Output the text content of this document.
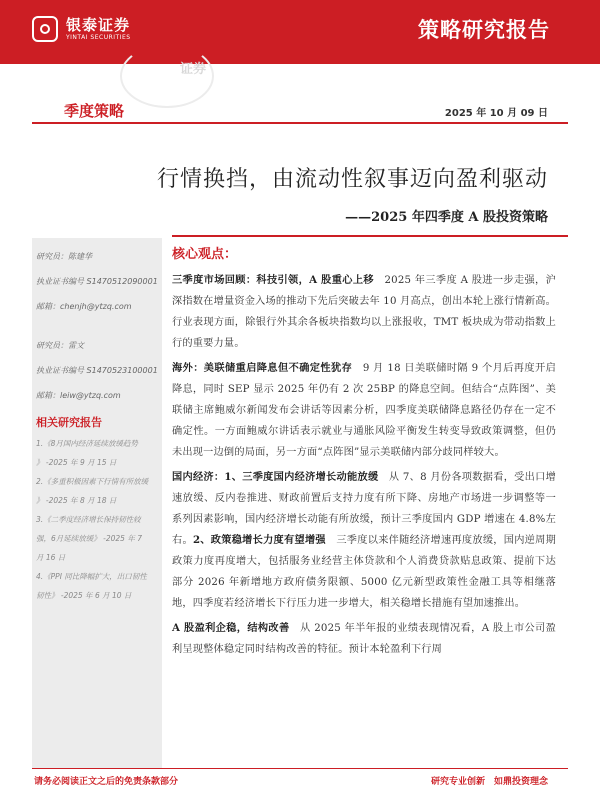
银泰证券
YINTAI SECURITIES	策略研究报告
证券
季度策略	2025 年 10 月 09 日
行情换挡，由流动性叙事迈向盈利驱动
——2025 年四季度 A 股投资策略
研究员：陈建华
执业证书编号 S1470512090001
邮箱：chenjh@ytzq.com
研究员：雷文
执业证书编号 S1470523100001
邮箱：leiw@ytzq.com
相关研究报告
1.《8月国内经济延续放缓趋势
》 -2025 年 9 月 15 日
2.《多重积极因素下行情有所放缓
》 -2025 年 8 月 18 日
3.《二季度经济增长保持韧性较
强，6月延续放缓》 -2025 年 7
月 16 日
4.《PPI 同比降幅扩大，出口韧性
韧性》 -2025 年 6 月 10 日
核心观点：
三季度市场回顾：科技引领，A 股重心上移　2025 年三季度 A 股进一步走强，沪深指数在增量资金入场的推动下先后突破去年 10 月高点，创出本轮上涨行情新高。行业表现方面，除银行外其余各板块指数均以上涨报收，TMT 板块成为带动指数上行的重要力量。
海外：美联储重启降息但不确定性犹存　9 月 18 日美联储时隔 9 个月后再度开启降息，同时 SEP 显示 2025 年仍有 2 次 25BP 的降息空间。但结合“点阵图”、美联储主席鲍威尔新闻发布会讲话等因素分析，四季度美联储降息路径仍存在一定不确定性。一方面鲍威尔讲话表示就业与通胀风险平衡发生转变导致政策调整，但仍未出现一边倒的局面，另一方面“点阵图”显示美联储内部分歧同样较大。
国内经济：1、三季度国内经济增长动能放缓　从 7、8 月份各项数据看，受出口增速放缓、反内卷推进、财政前置后支持力度有所下降、房地产市场进一步调整等一系列因素影响，国内经济增长动能有所放缓，预计三季度国内 GDP 增速在 4.8%左右。2、政策稳增长力度有望增强　三季度以来伴随经济增速再度放缓，国内逆周期政策力度再度增大，包括服务业经营主体贷款和个人消费贷款贴息政策、提前下达部分 2026 年新增地方政府债务限额、5000 亿元新型政策性金融工具等相继落地，四季度若经济增长下行压力进一步增大，相关稳增长措施有望加速推出。
A 股盈利企稳，结构改善　从 2025 年半年报的业绩表现情况看，A 股上市公司盈利呈现整体稳定同时结构改善的特征。预计本轮盈利下行周
请务必阅读正文之后的免责条款部分	研究专业创新　如鼎投资理念
